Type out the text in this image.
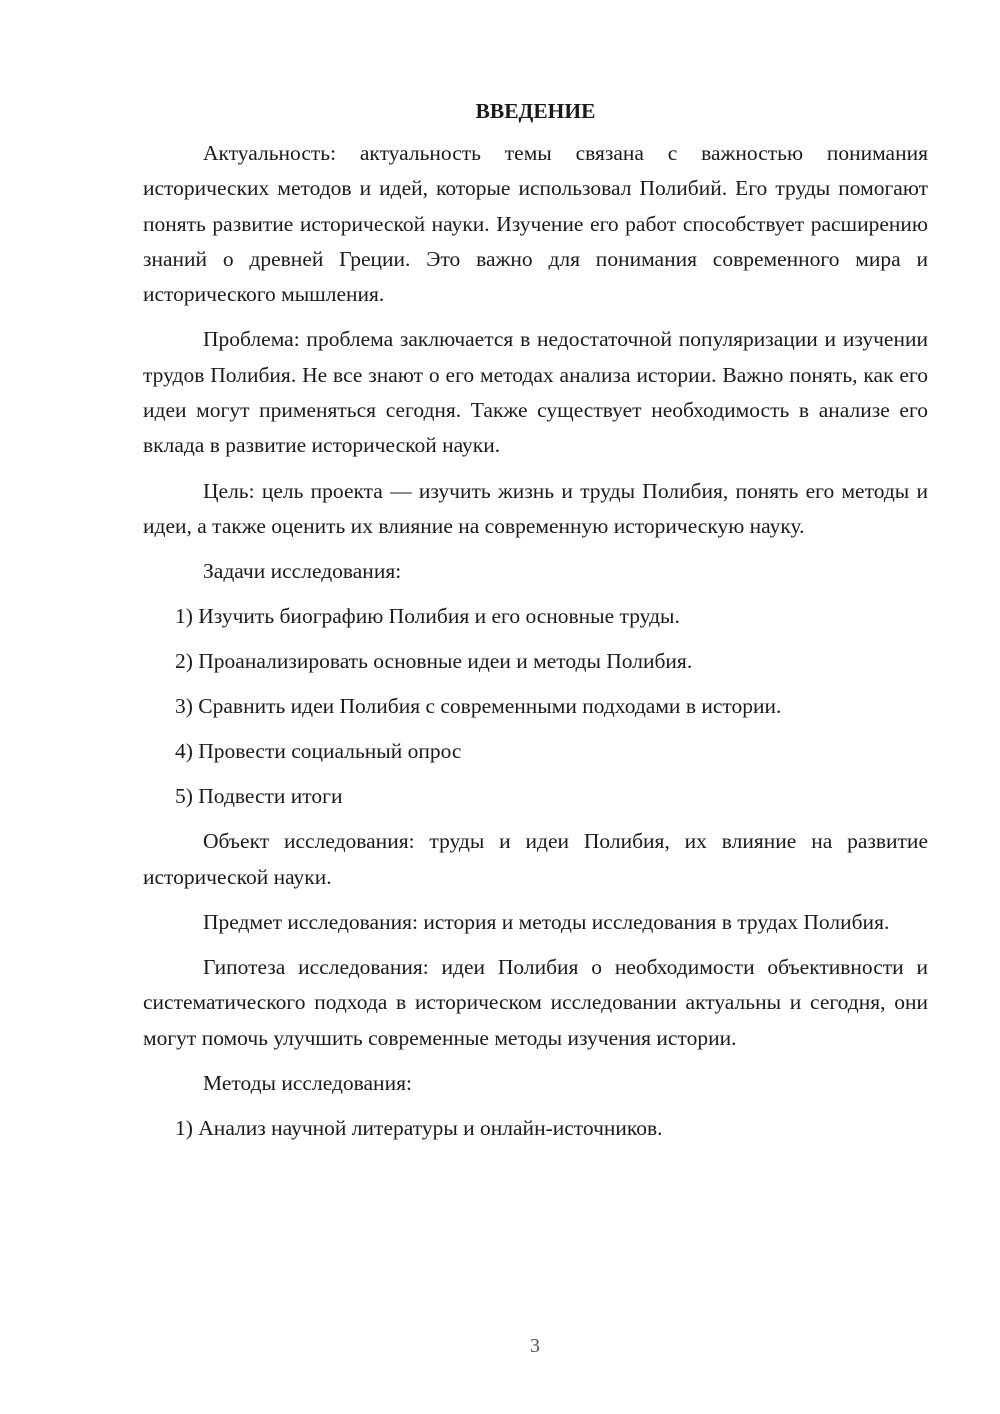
ВВЕДЕНИЕ

Актуальность: актуальность темы связана с важностью понимания исторических методов и идей, которые использовал Полибий. Его труды помогают понять развитие исторической науки. Изучение его работ способствует расширению знаний о древней Греции. Это важно для понимания современного мира и исторического мышления.

Проблема: проблема заключается в недостаточной популяризации и изучении трудов Полибия. Не все знают о его методах анализа истории. Важно понять, как его идеи могут применяться сегодня. Также существует необходимость в анализе его вклада в развитие исторической науки.

Цель: цель проекта — изучить жизнь и труды Полибия, понять его методы и идеи, а также оценить их влияние на современную историческую науку.

Задачи исследования:

1) Изучить биографию Полибия и его основные труды.
2) Проанализировать основные идеи и методы Полибия.
3) Сравнить идеи Полибия с современными подходами в истории.
4) Провести социальный опрос
5) Подвести итоги

Объект исследования: труды и идеи Полибия, их влияние на развитие исторической науки.

Предмет исследования: история и методы исследования в трудах Полибия.

Гипотеза исследования: идеи Полибия о необходимости объективности и систематического подхода в историческом исследовании актуальны и сегодня, они могут помочь улучшить современные методы изучения истории.

Методы исследования:

1) Анализ научной литературы и онлайн-источников.
3
